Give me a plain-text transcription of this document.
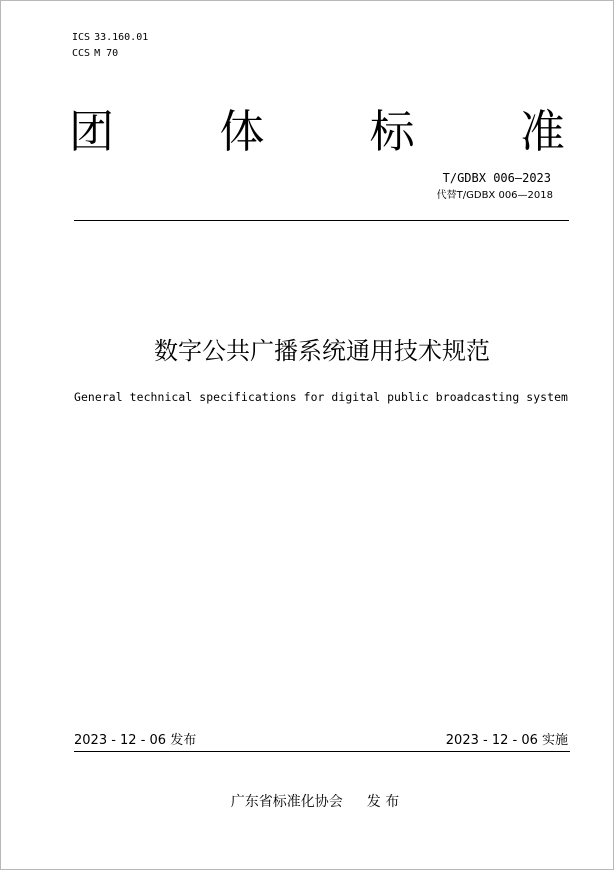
ICS 33.160.01
CCS M 70
团 体 标 准
T/GDBX 006—2023
代替T/GDBX 006—2018
数字公共广播系统通用技术规范
General technical specifications for digital public broadcasting system
2023 - 12 - 06 发布	2023 - 12 - 06 实施
广东省标准化协会 发 布
